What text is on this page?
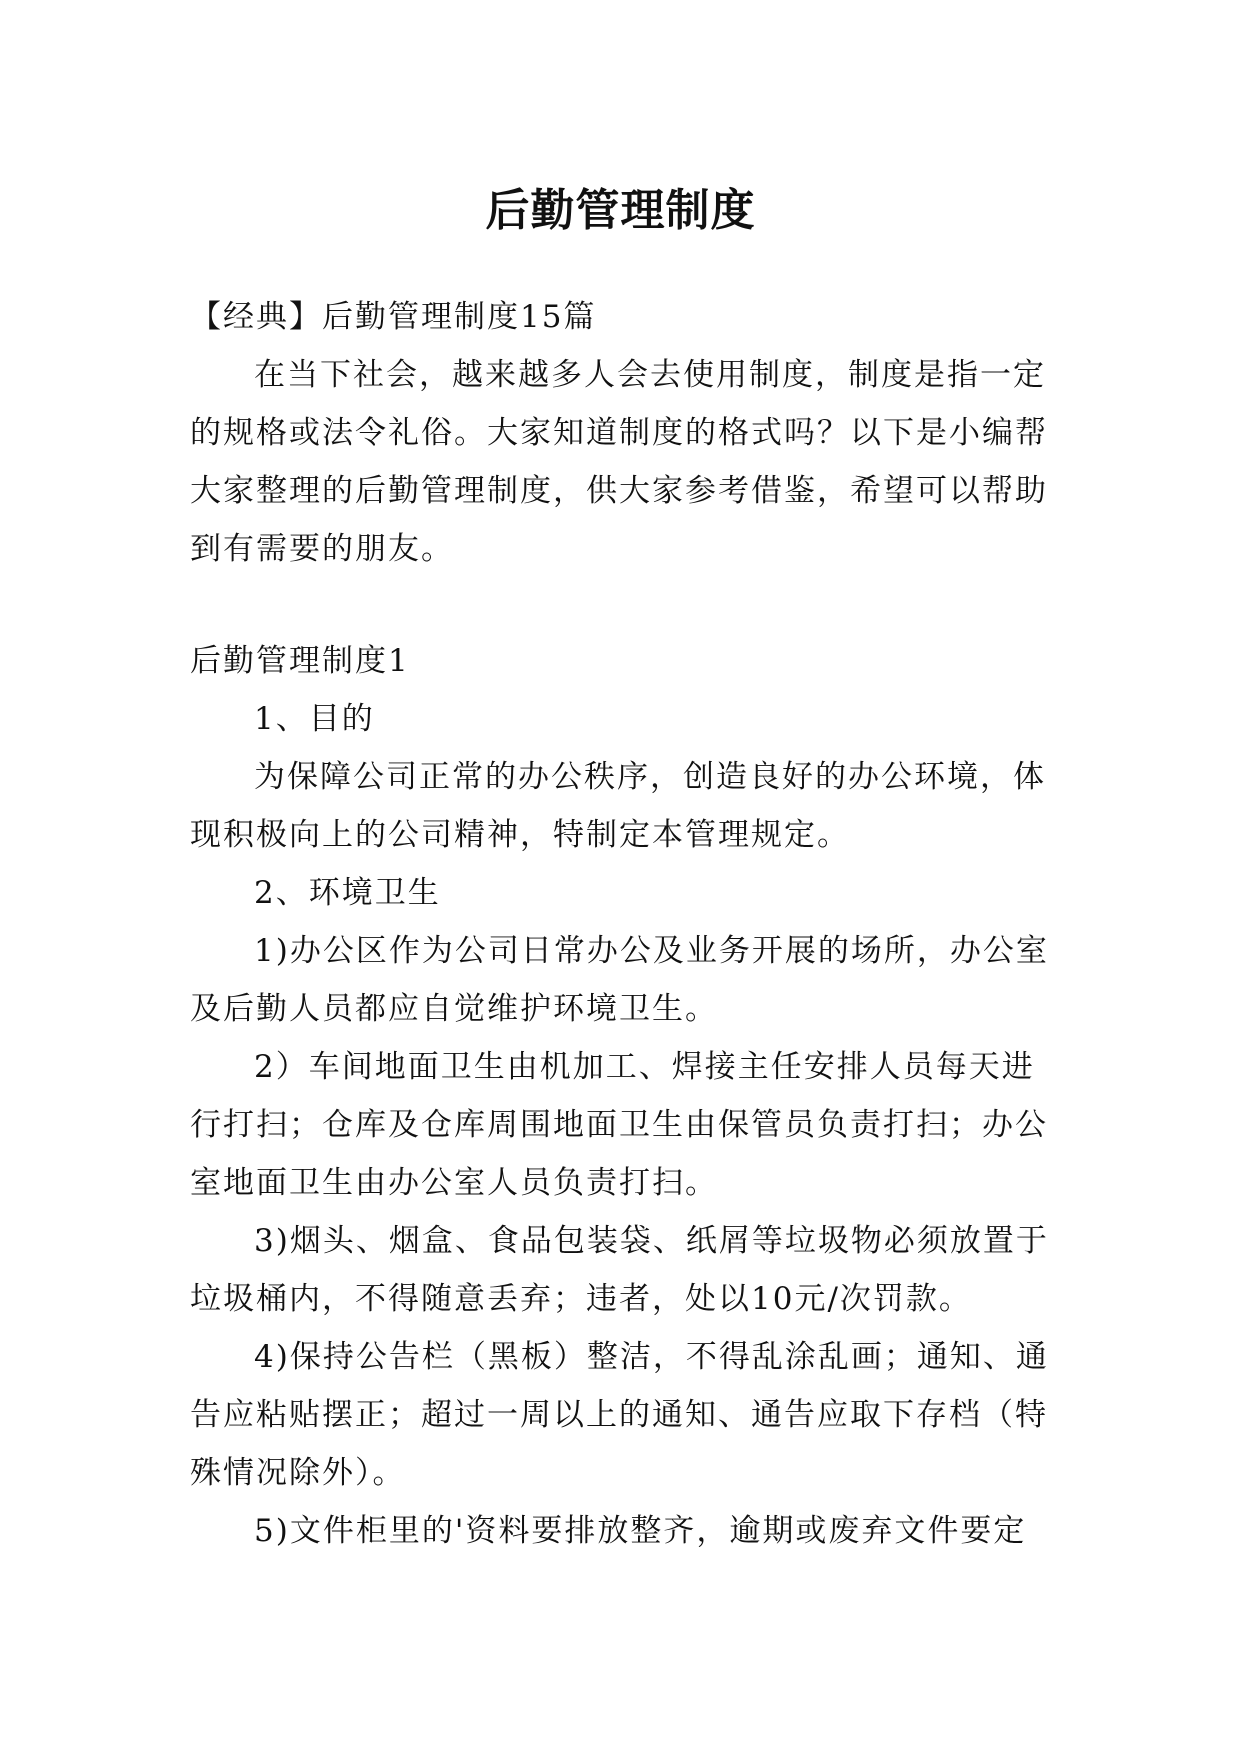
后勤管理制度

【经典】后勤管理制度15篇

在当下社会，越来越多人会去使用制度，制度是指一定的规格或法令礼俗。大家知道制度的格式吗？以下是小编帮大家整理的后勤管理制度，供大家参考借鉴，希望可以帮助到有需要的朋友。

后勤管理制度1

1、目的

为保障公司正常的办公秩序，创造良好的办公环境，体现积极向上的公司精神，特制定本管理规定。

2、环境卫生

1)办公区作为公司日常办公及业务开展的场所，办公室及后勤人员都应自觉维护环境卫生。

2）车间地面卫生由机加工、焊接主任安排人员每天进行打扫；仓库及仓库周围地面卫生由保管员负责打扫；办公室地面卫生由办公室人员负责打扫。

3)烟头、烟盒、食品包装袋、纸屑等垃圾物必须放置于垃圾桶内，不得随意丢弃；违者，处以10元/次罚款。

4)保持公告栏（黑板）整洁，不得乱涂乱画；通知、通告应粘贴摆正；超过一周以上的通知、通告应取下存档（特殊情况除外）。

5)文件柜里的'资料要排放整齐，逾期或废弃文件要定
